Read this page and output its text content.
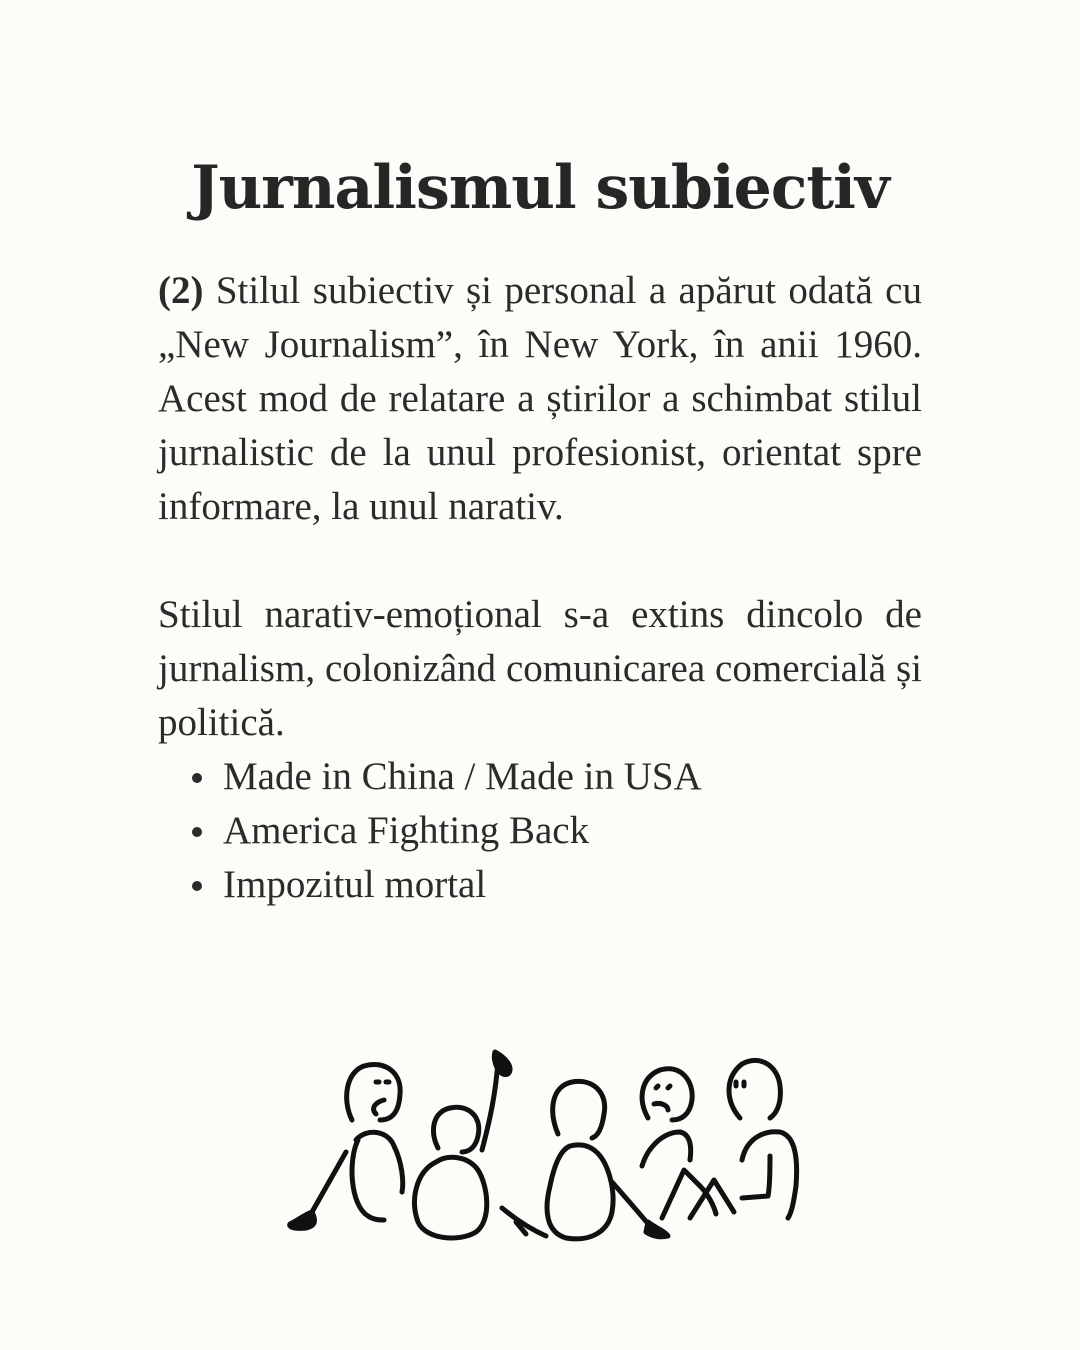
Jurnalismul subiectiv

(2) Stilul subiectiv și personal a apărut odată cu „New Journalism”, în New York, în anii 1960. Acest mod de relatare a știrilor a schimbat stilul jurnalistic de la unul profesionist, orientat spre informare, la unul narativ.

Stilul narativ-emoțional s-a extins dincolo de jurnalism, colonizând comunicarea comercială și politică.

Made in China / Made in USA
America Fighting Back
Impozitul mortal
